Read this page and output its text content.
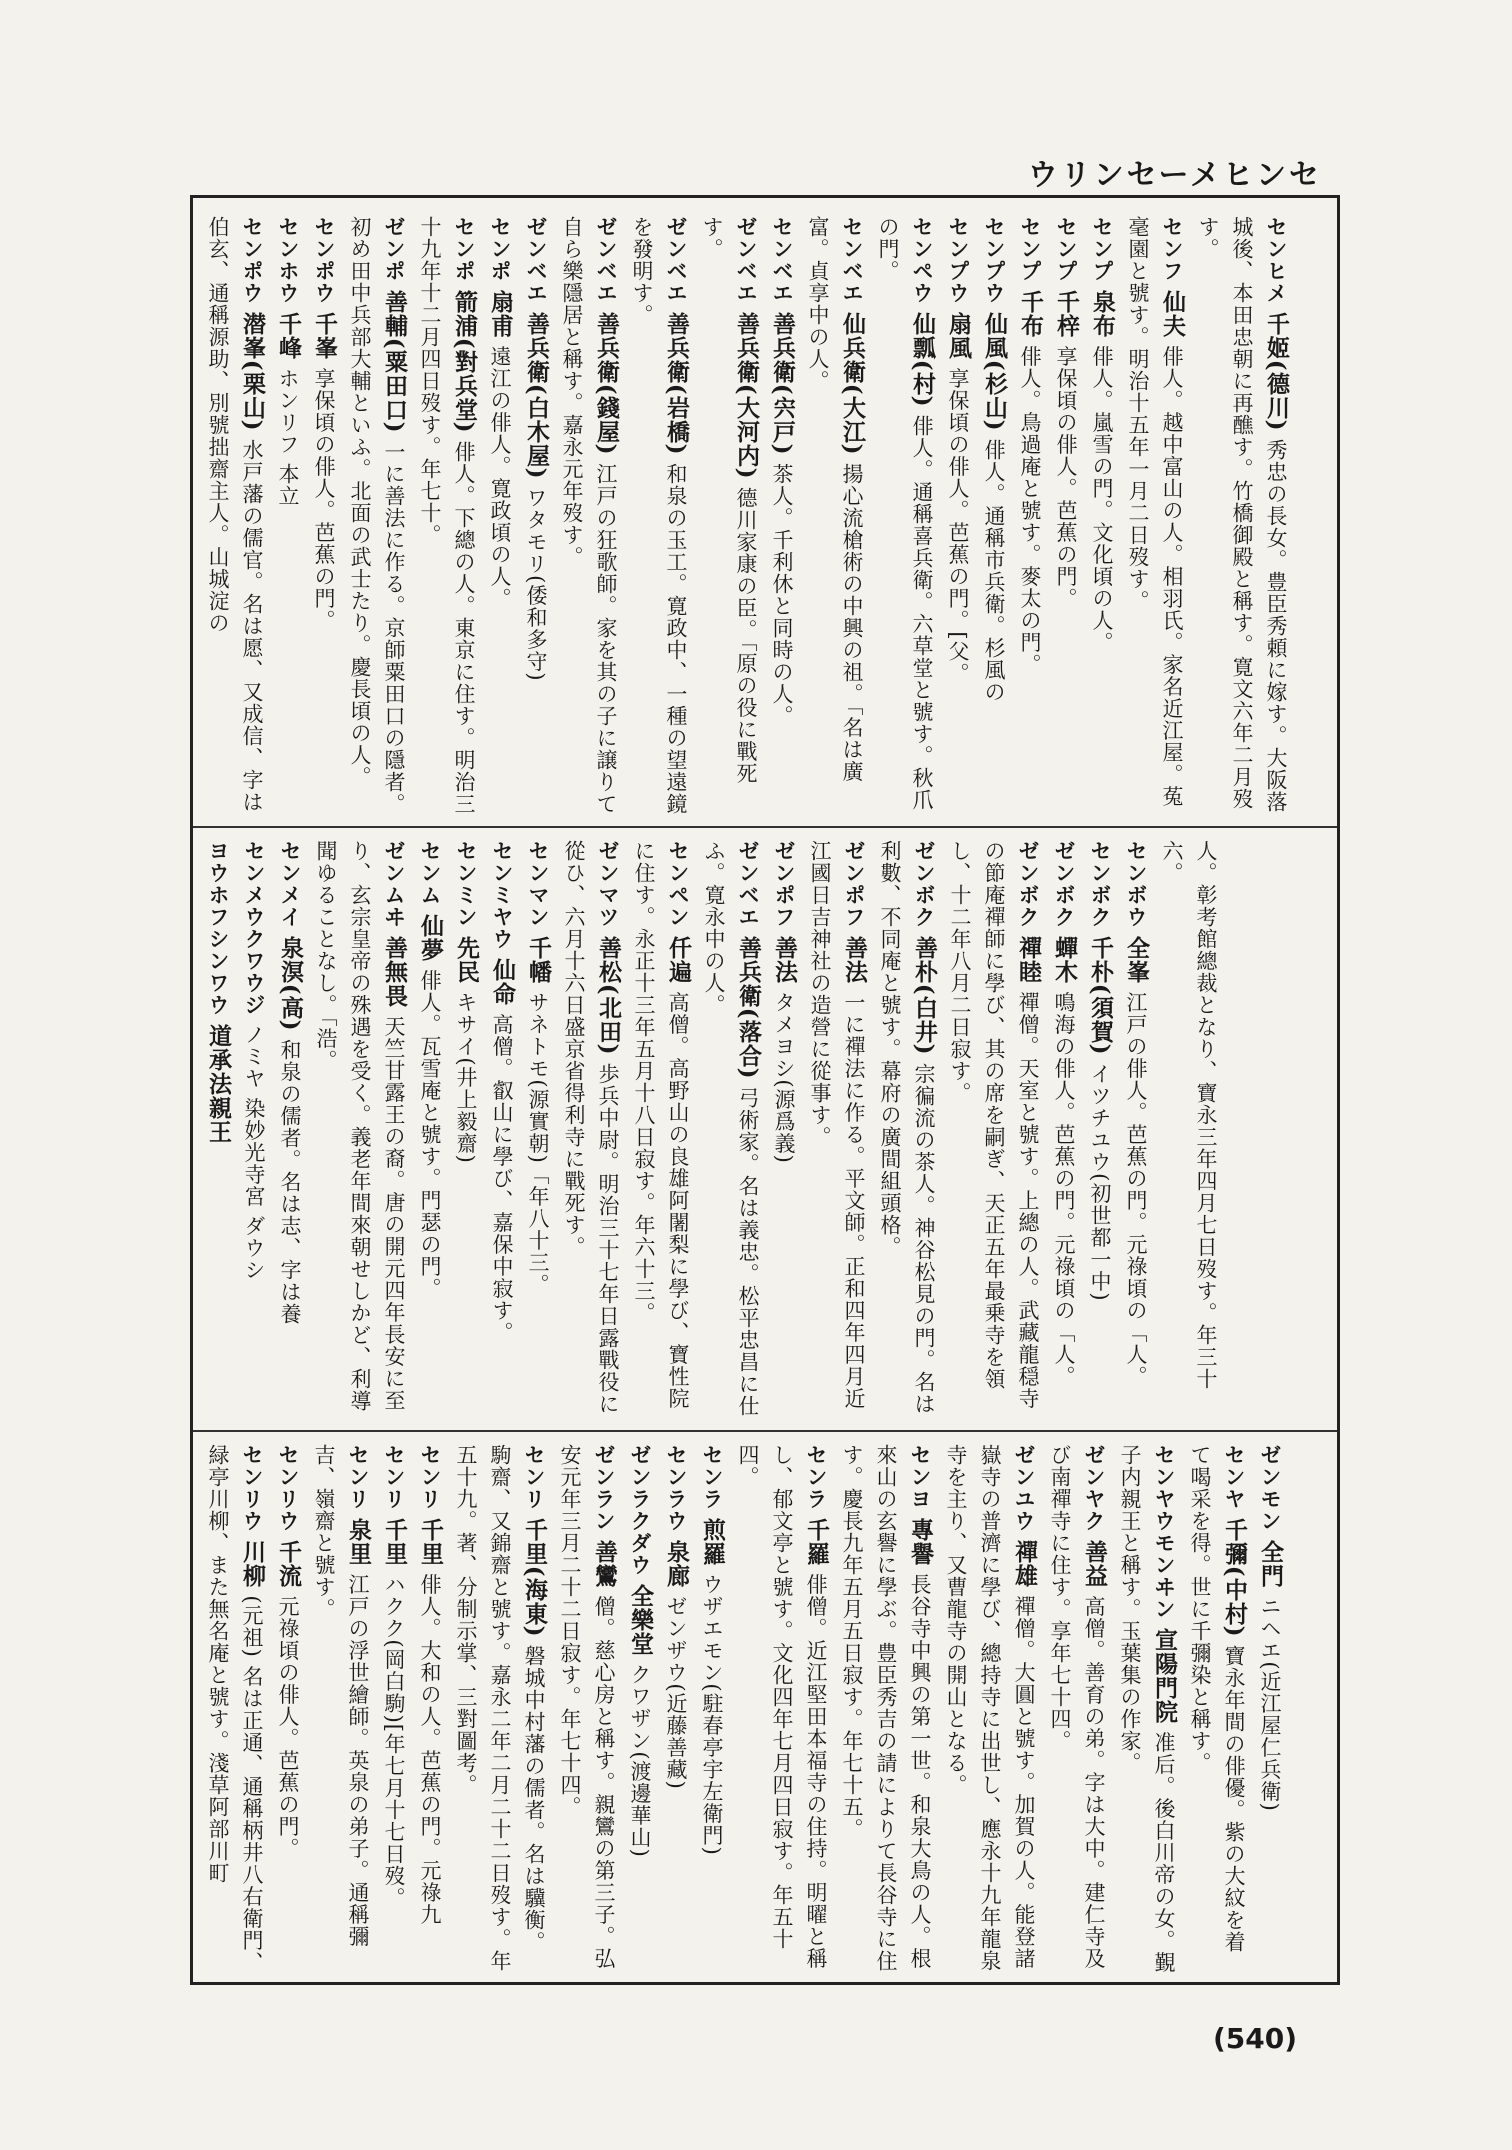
ウリンセーメヒンセ
センヒメ 千姬(德川) 秀忠の長女。豊臣秀頼に嫁す。大阪落城後、本田忠朝に再醮す。竹橋御殿と稱す。寛文六年二月歿す。
センフ 仙夫 俳人。越中富山の人。相羽氏。家名近江屋。菟毫園と號す。明治十五年一月二日歿す。
センプ 泉布 俳人。嵐雪の門。文化頃の人。
センプ 千梓 享保頃の俳人。芭蕉の門。
センプ 千布 俳人。鳥過庵と號す。麥太の門。
センプウ 仙風(杉山) 俳人。通稱市兵衛。杉風の
センプウ 扇風 享保頃の俳人。芭蕉の門。[父。
センペウ 仙瓢(村) 俳人。通稱喜兵衛。六草堂と號す。秋爪の門。
センベエ 仙兵衛(大江) 揚心流槍術の中興の祖。「名は廣富。貞享中の人。
センベエ 善兵衛(宍戸) 茶人。千利休と同時の人。
ゼンベエ 善兵衛(大河内) 德川家康の臣。「原の役に戰死す。
ゼンベエ 善兵衛(岩橋) 和泉の玉工。寛政中、一種の望遠鏡を發明す。
ゼンベエ 善兵衛(錢屋) 江戸の狂歌師。家を其の子に譲りて自ら樂隱居と稱す。嘉永元年歿す。
ゼンベエ 善兵衛(白木屋) ワタモリ(倭和多守)
センポ 扇甫 遠江の俳人。寛政頃の人。
センポ 箭浦(對兵堂) 俳人。下總の人。東京に住す。明治三十九年十二月四日歿す。年七十。
ゼンポ 善輔(粟田口) 一に善法に作る。京師粟田口の隱者。初め田中兵部大輔といふ。北面の武士たり。慶長頃の人。
センポウ 千峯 享保頃の俳人。芭蕉の門。
センホウ 千峰 ホンリフ 本立
センポウ 潜峯(栗山) 水戸藩の儒官。名は愿、又成信、字は伯玄、通稱源助、別號拙齋主人。山城淀の
人。彰考館總裁となり、寶永三年四月七日歿す。年三十六。
センボウ 全峯 江戸の俳人。芭蕉の門。元祿頃の「人。
センボク 千朴(須賀) イツチユウ(初世都一中)
ゼンボク 蟬木 鳴海の俳人。芭蕉の門。元祿頃の「人。
ゼンボク 禪睦 禪僧。天室と號す。上總の人。武藏龍穏寺の節庵禪師に學び、其の席を嗣ぎ、天正五年最乗寺を領し、十二年八月二日寂す。
ゼンボク 善朴(白井) 宗徧流の茶人。神谷松見の門。名は利數、不同庵と號す。幕府の廣間組頭格。
ゼンポフ 善法 一に禪法に作る。平文師。正和四年四月近江國日吉神社の造營に從事す。
ゼンポフ 善法 タメヨシ(源爲義)
ゼンベエ 善兵衛(落合) 弓術家。名は義忠。松平忠昌に仕ふ。寛永中の人。
センペン 仟遍 高僧。高野山の良雄阿闍梨に學び、寶性院に住す。永正十三年五月十八日寂す。年六十三。
ゼンマツ 善松(北田) 歩兵中尉。明治三十七年日露戰役に從ひ、六月十六日盛京省得利寺に戰死す。
センマン 千幡 サネトモ(源實朝)「年八十三。
センミヤウ 仙命 高僧。叡山に學び、嘉保中寂す。
センミン 先民 キサイ(井上毅齋)
センム 仙夢 俳人。瓦雪庵と號す。門瑟の門。
ゼンムヰ 善無畏 天竺甘露王の裔。唐の開元四年長安に至り、玄宗皇帝の殊遇を受く。義老年間來朝せしかど、利導聞ゆることなし。「浩。
センメイ 泉溟(高) 和泉の儒者。名は志、字は養
センメウクワウジ ノミヤ 染妙光寺宮 ダウシ
ヨウホフシンワウ 道承法親王
ゼンモン 全門 ニヘエ(近江屋仁兵衛)
センヤ 千彌(中村) 寶永年間の俳優。紫の大紋を着て喝采を得。世に千彌染と稱す。
センヤウモンヰン 宣陽門院 准后。後白川帝の女。覲子内親王と稱す。玉葉集の作家。
ゼンヤク 善益 高僧。善育の弟。字は大中。建仁寺及び南禪寺に住す。享年七十四。
ゼンユウ 禪雄 禪僧。大圓と號す。加賀の人。能登諸嶽寺の普濟に學び、總持寺に出世し、應永十九年龍泉寺を主り、又曹龍寺の開山となる。
センヨ 專譽 長谷寺中興の第一世。和泉大鳥の人。根來山の玄譽に學ぶ。豊臣秀吉の請によりて長谷寺に住す。慶長九年五月五日寂す。年七十五。
センラ 千羅 俳僧。近江堅田本福寺の住持。明曜と稱し、郁文亭と號す。文化四年七月四日寂す。年五十四。
センラ 煎羅 ウザエモン(駐春亭宇左衛門)
センラウ 泉廊 ゼンザウ(近藤善藏)
ゼンラクダウ 全樂堂 クワザン(渡邊華山)
ゼンラン 善鸞 僧。慈心房と稱す。親鸞の第三子。弘安元年三月二十二日寂す。年七十四。
センリ 千里(海東) 磐城中村藩の儒者。名は驥衡。駒齋、又錦齋と號す。嘉永二年二月二十二日歿す。年五十九。著、分制示掌、三對圖考。
センリ 千里 俳人。大和の人。芭蕉の門。元祿九
センリ 千里 ハクク(岡白駒)[年七月十七日歿。
センリ 泉里 江戸の浮世繪師。英泉の弟子。通稱彌吉、嶺齋と號す。
センリウ 千流 元祿頃の俳人。芭蕉の門。
センリウ 川柳 (元祖) 名は正通、通稱柄井八右衛門、緑亭川柳、また無名庵と號す。淺草阿部川町
(540)
